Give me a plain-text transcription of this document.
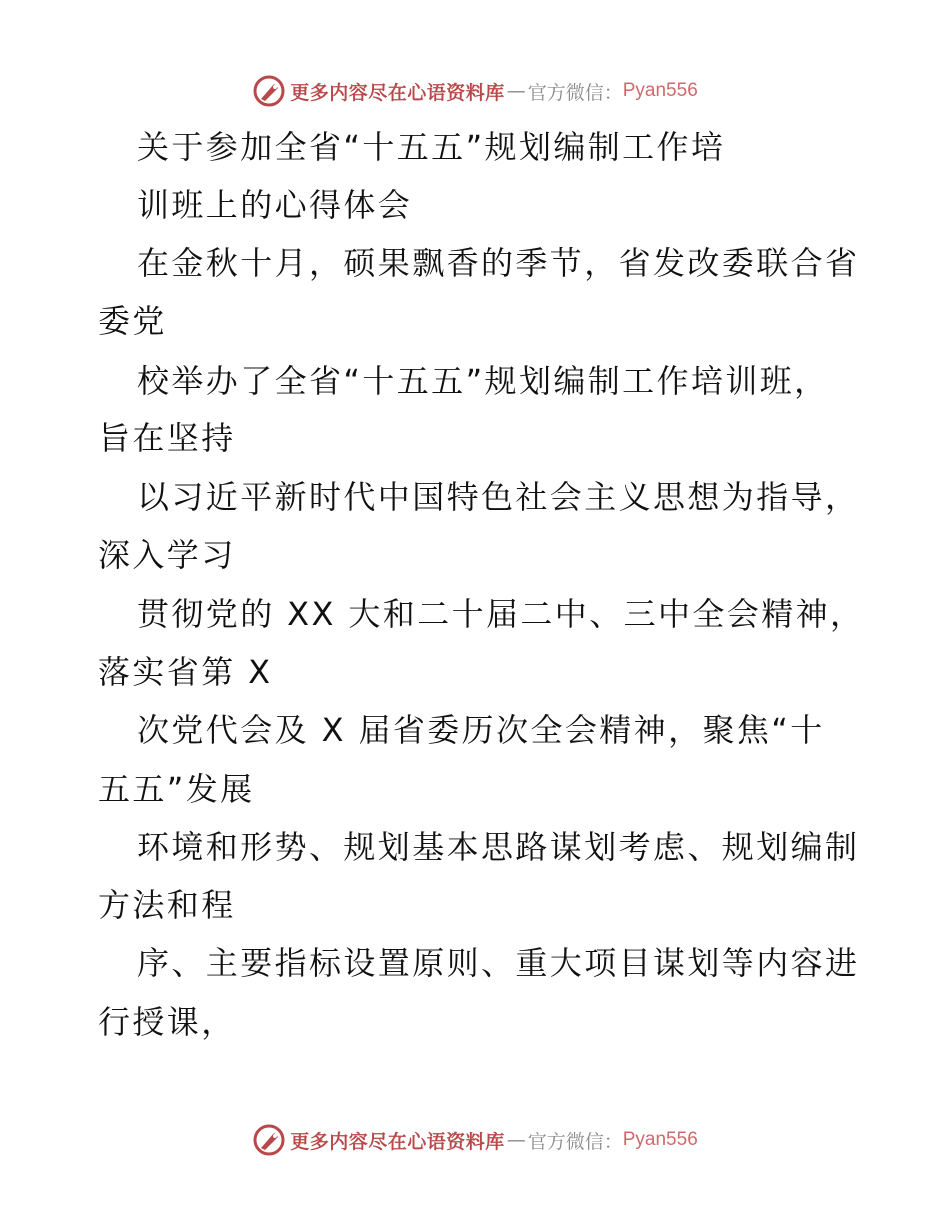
更多内容尽在心语资料库 — 官方微信： Pyan556
关于参加全省“十五五”规划编制工作培
训班上的心得体会
在金秋十月，硕果飘香的季节，省发改委联合省
委党
校举办了全省“十五五”规划编制工作培训班，
旨在坚持
以习近平新时代中国特色社会主义思想为指导，
深入学习
贯彻党的 XX 大和二十届二中、三中全会精神，
落实省第 X
次党代会及 X 届省委历次全会精神，聚焦“十
五五”发展
环境和形势、规划基本思路谋划考虑、规划编制
方法和程
序、主要指标设置原则、重大项目谋划等内容进
行授课，
更多内容尽在心语资料库 — 官方微信： Pyan556
